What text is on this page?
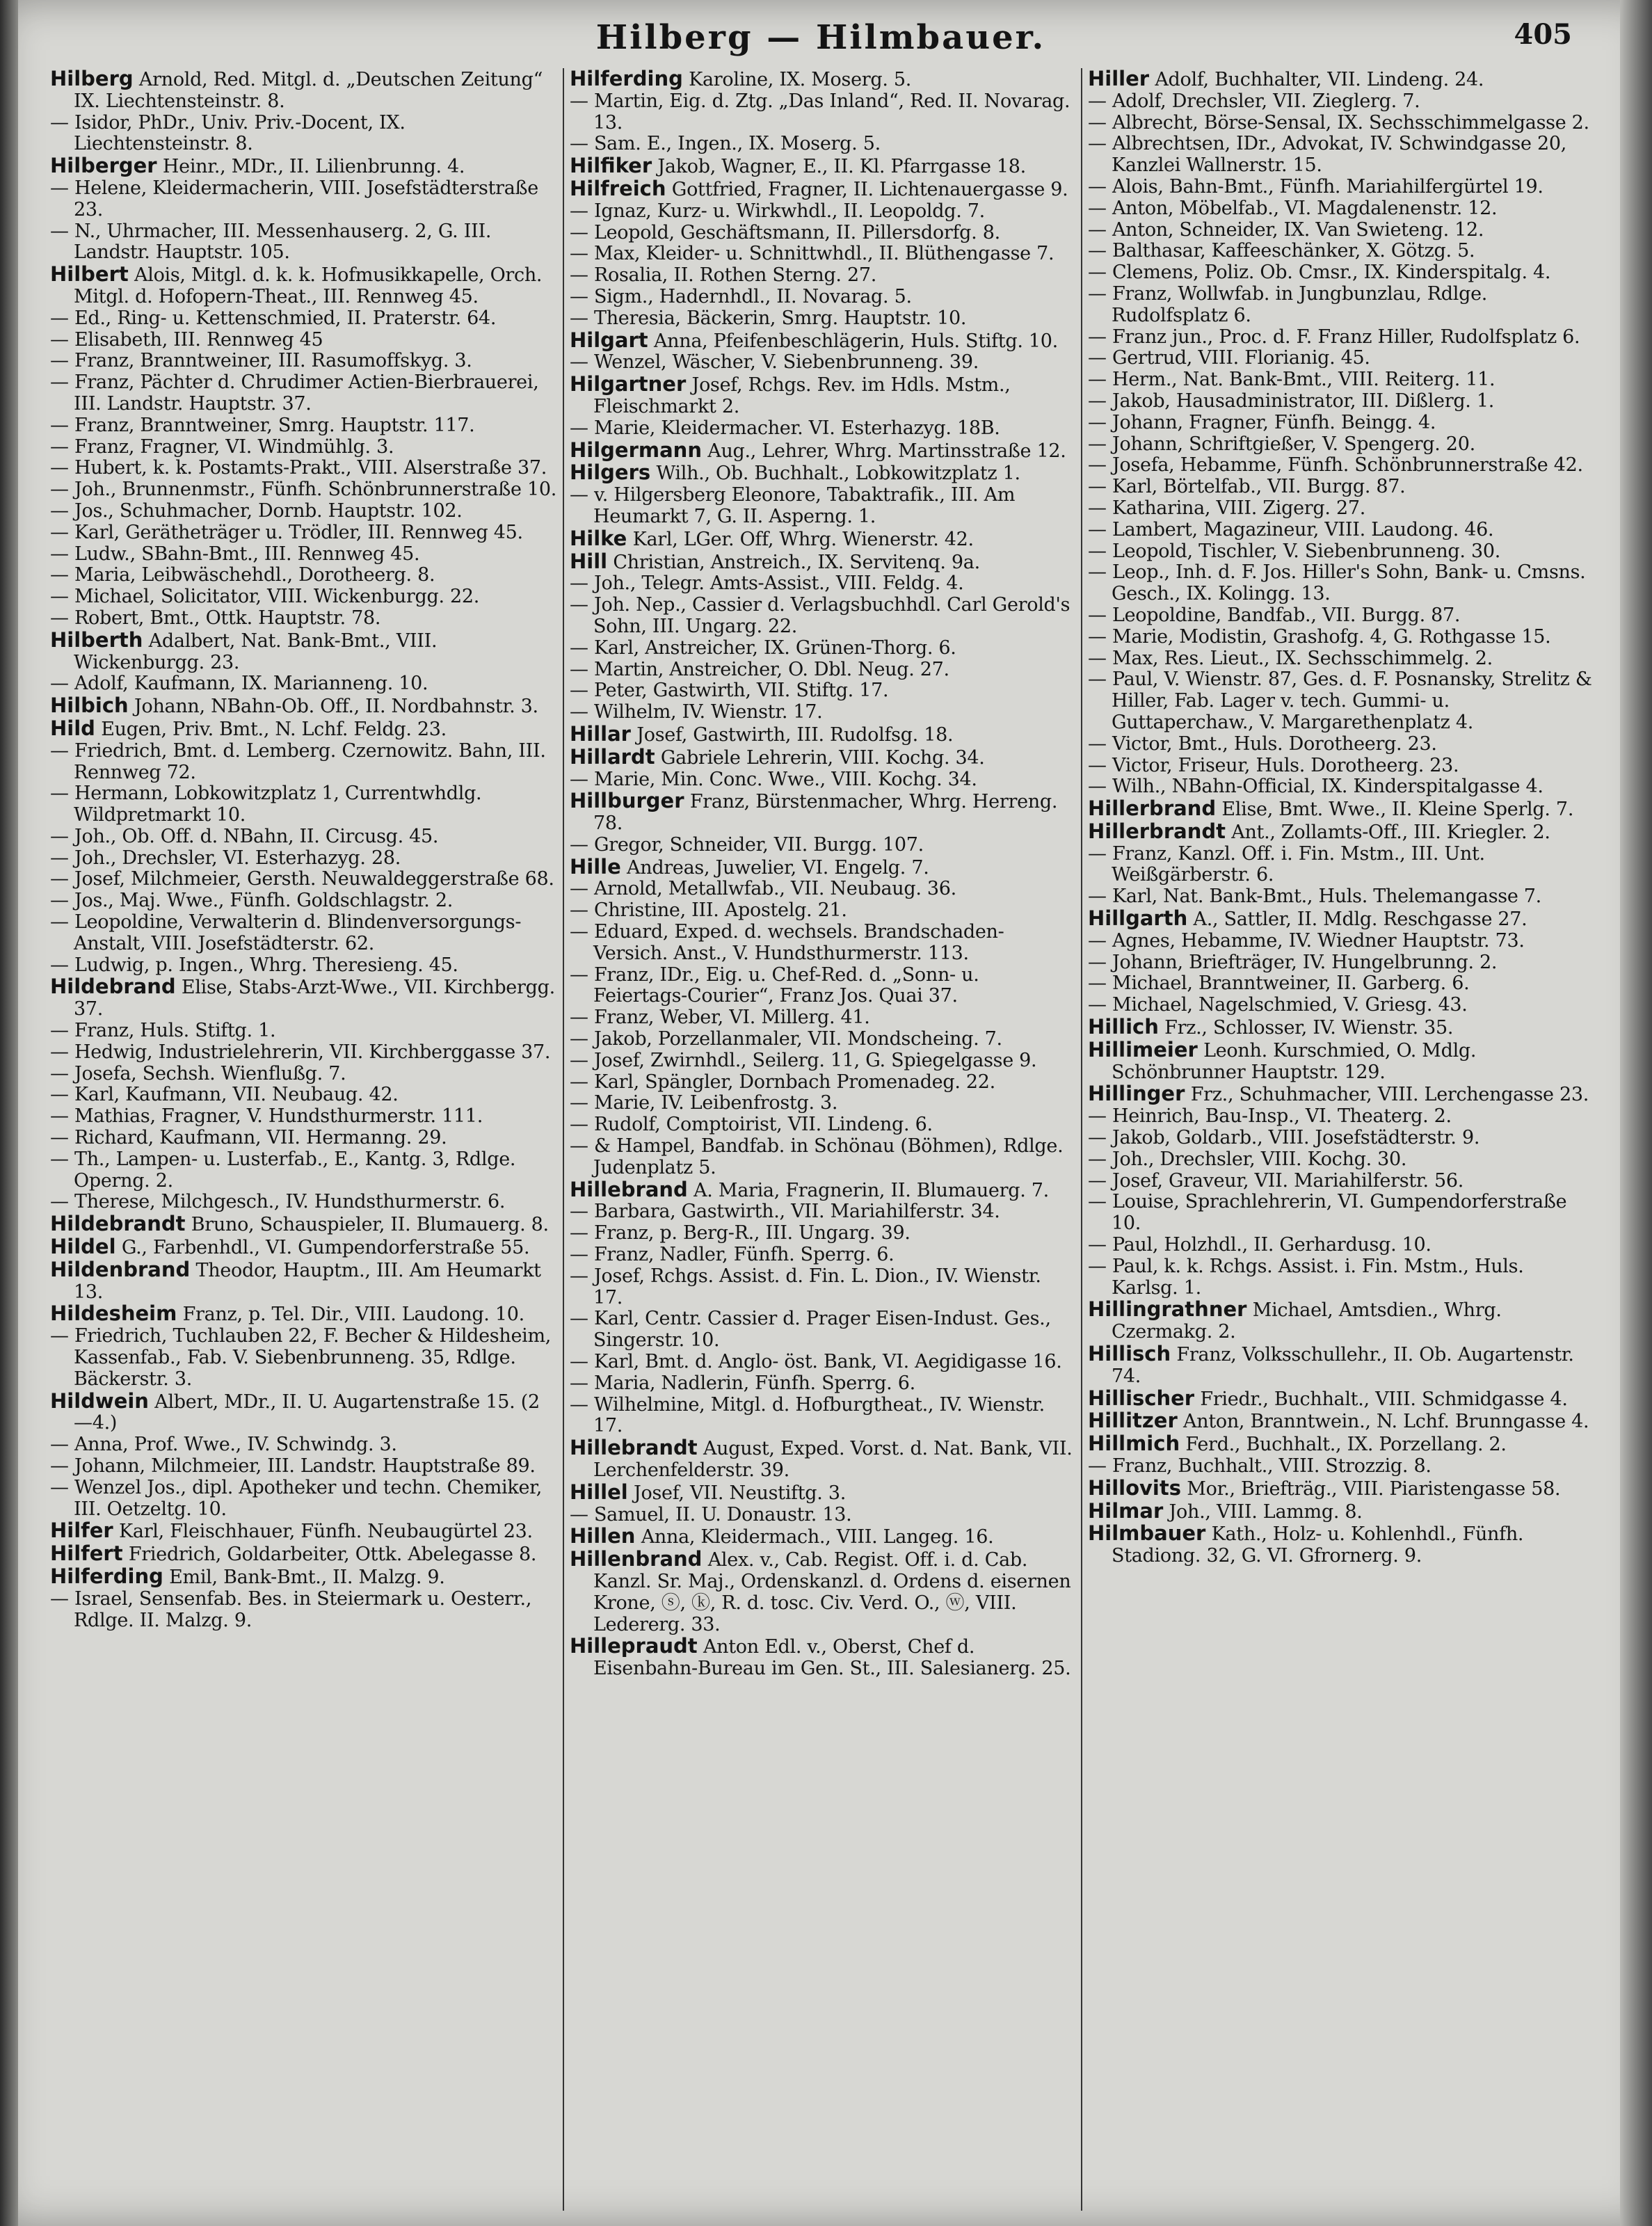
Hilberg — Hilmbauer.	405
Hilberg Arnold, Red. Mitgl. d. „Deutschen Zeitung“ IX. Liechtensteinstr. 8.
— Isidor, PhDr., Univ. Priv.-Docent, IX. Liechtensteinstr. 8.
Hilberger Heinr., MDr., II. Lilienbrunng. 4.
— Helene, Kleidermacherin, VIII. Josefstädterstraße 23.
— N., Uhrmacher, III. Messenhauserg. 2, G. III. Landstr. Hauptstr. 105.
Hilbert Alois, Mitgl. d. k. k. Hofmusikkapelle, Orch. Mitgl. d. Hofopern-Theat., III. Rennweg 45.
— Ed., Ring- u. Kettenschmied, II. Praterstr. 64.
— Elisabeth, III. Rennweg 45
— Franz, Branntweiner, III. Rasumoffskyg. 3.
— Franz, Pächter d. Chrudimer Actien-Bierbrauerei, III. Landstr. Hauptstr. 37.
— Franz, Branntweiner, Smrg. Hauptstr. 117.
— Franz, Fragner, VI. Windmühlg. 3.
— Hubert, k. k. Postamts-Prakt., VIII. Alserstraße 37.
— Joh., Brunnenmstr., Fünfh. Schönbrunnerstraße 10.
— Jos., Schuhmacher, Dornb. Hauptstr. 102.
— Karl, Gerätheträger u. Trödler, III. Rennweg 45.
— Ludw., SBahn-Bmt., III. Rennweg 45.
— Maria, Leibwäschehdl., Dorotheerg. 8.
— Michael, Solicitator, VIII. Wickenburgg. 22.
— Robert, Bmt., Ottk. Hauptstr. 78.
Hilberth Adalbert, Nat. Bank-Bmt., VIII. Wickenburgg. 23.
— Adolf, Kaufmann, IX. Marianneng. 10.
Hilbich Johann, NBahn-Ob. Off., II. Nordbahnstr. 3.
Hild Eugen, Priv. Bmt., N. Lchf. Feldg. 23.
— Friedrich, Bmt. d. Lemberg. Czernowitz. Bahn, III. Rennweg 72.
— Hermann, Lobkowitzplatz 1, Currentwhdlg. Wildpretmarkt 10.
— Joh., Ob. Off. d. NBahn, II. Circusg. 45.
— Joh., Drechsler, VI. Esterhazyg. 28.
— Josef, Milchmeier, Gersth. Neuwaldeggerstraße 68.
— Jos., Maj. Wwe., Fünfh. Goldschlagstr. 2.
— Leopoldine, Verwalterin d. Blindenversorgungs-Anstalt, VIII. Josefstädterstr. 62.
— Ludwig, p. Ingen., Whrg. Theresieng. 45.
Hildebrand Elise, Stabs-Arzt-Wwe., VII. Kirchbergg. 37.
— Franz, Huls. Stiftg. 1.
— Hedwig, Industrielehrerin, VII. Kirchberggasse 37.
— Josefa, Sechsh. Wienflußg. 7.
— Karl, Kaufmann, VII. Neubaug. 42.
— Mathias, Fragner, V. Hundsthurmerstr. 111.
— Richard, Kaufmann, VII. Hermanng. 29.
— Th., Lampen- u. Lusterfab., E., Kantg. 3, Rdlge. Operng. 2.
— Therese, Milchgesch., IV. Hundsthurmerstr. 6.
Hildebrandt Bruno, Schauspieler, II. Blumauerg. 8.
Hildel G., Farbenhdl., VI. Gumpendorferstraße 55.
Hildenbrand Theodor, Hauptm., III. Am Heumarkt 13.
Hildesheim Franz, p. Tel. Dir., VIII. Laudong. 10.
— Friedrich, Tuchlauben 22, F. Becher & Hildesheim, Kassenfab., Fab. V. Siebenbrunneng. 35, Rdlge. Bäckerstr. 3.
Hildwein Albert, MDr., II. U. Augartenstraße 15. (2—4.)
— Anna, Prof. Wwe., IV. Schwindg. 3.
— Johann, Milchmeier, III. Landstr. Hauptstraße 89.
— Wenzel Jos., dipl. Apotheker und techn. Chemiker, III. Oetzeltg. 10.
Hilfer Karl, Fleischhauer, Fünfh. Neubaugürtel 23.
Hilfert Friedrich, Goldarbeiter, Ottk. Abelegasse 8.
Hilferding Emil, Bank-Bmt., II. Malzg. 9.
— Israel, Sensenfab. Bes. in Steiermark u. Oesterr., Rdlge. II. Malzg. 9.
Hilferding Karoline, IX. Moserg. 5.
— Martin, Eig. d. Ztg. „Das Inland“, Red. II. Novarag. 13.
— Sam. E., Ingen., IX. Moserg. 5.
Hilfiker Jakob, Wagner, E., II. Kl. Pfarrgasse 18.
Hilfreich Gottfried, Fragner, II. Lichtenauergasse 9.
— Ignaz, Kurz- u. Wirkwhdl., II. Leopoldg. 7.
— Leopold, Geschäftsmann, II. Pillersdorfg. 8.
— Max, Kleider- u. Schnittwhdl., II. Blüthengasse 7.
— Rosalia, II. Rothen Sterng. 27.
— Sigm., Hadernhdl., II. Novarag. 5.
— Theresia, Bäckerin, Smrg. Hauptstr. 10.
Hilgart Anna, Pfeifenbeschlägerin, Huls. Stiftg. 10.
— Wenzel, Wäscher, V. Siebenbrunneng. 39.
Hilgartner Josef, Rchgs. Rev. im Hdls. Mstm., Fleischmarkt 2.
— Marie, Kleidermacher. VI. Esterhazyg. 18B.
Hilgermann Aug., Lehrer, Whrg. Martinsstraße 12.
Hilgers Wilh., Ob. Buchhalt., Lobkowitzplatz 1.
— v. Hilgersberg Eleonore, Tabaktrafik., III. Am Heumarkt 7, G. II. Asperng. 1.
Hilke Karl, LGer. Off, Whrg. Wienerstr. 42.
Hill Christian, Anstreich., IX. Servitenq. 9a.
— Joh., Telegr. Amts-Assist., VIII. Feldg. 4.
— Joh. Nep., Cassier d. Verlagsbuchhdl. Carl Gerold's Sohn, III. Ungarg. 22.
— Karl, Anstreicher, IX. Grünen-Thorg. 6.
— Martin, Anstreicher, O. Dbl. Neug. 27.
— Peter, Gastwirth, VII. Stiftg. 17.
— Wilhelm, IV. Wienstr. 17.
Hillar Josef, Gastwirth, III. Rudolfsg. 18.
Hillardt Gabriele Lehrerin, VIII. Kochg. 34.
— Marie, Min. Conc. Wwe., VIII. Kochg. 34.
Hillburger Franz, Bürstenmacher, Whrg. Herreng. 78.
— Gregor, Schneider, VII. Burgg. 107.
Hille Andreas, Juwelier, VI. Engelg. 7.
— Arnold, Metallwfab., VII. Neubaug. 36.
— Christine, III. Apostelg. 21.
— Eduard, Exped. d. wechsels. Brandschaden-Versich. Anst., V. Hundsthurmerstr. 113.
— Franz, IDr., Eig. u. Chef-Red. d. „Sonn- u. Feiertags-Courier“, Franz Jos. Quai 37.
— Franz, Weber, VI. Millerg. 41.
— Jakob, Porzellanmaler, VII. Mondscheing. 7.
— Josef, Zwirnhdl., Seilerg. 11, G. Spiegelgasse 9.
— Karl, Spängler, Dornbach Promenadeg. 22.
— Marie, IV. Leibenfrostg. 3.
— Rudolf, Comptoirist, VII. Lindeng. 6.
— & Hampel, Bandfab. in Schönau (Böhmen), Rdlge. Judenplatz 5.
Hillebrand A. Maria, Fragnerin, II. Blumauerg. 7.
— Barbara, Gastwirth., VII. Mariahilferstr. 34.
— Franz, p. Berg-R., III. Ungarg. 39.
— Franz, Nadler, Fünfh. Sperrg. 6.
— Josef, Rchgs. Assist. d. Fin. L. Dion., IV. Wienstr. 17.
— Karl, Centr. Cassier d. Prager Eisen-Indust. Ges., Singerstr. 10.
— Karl, Bmt. d. Anglo- öst. Bank, VI. Aegidigasse 16.
— Maria, Nadlerin, Fünfh. Sperrg. 6.
— Wilhelmine, Mitgl. d. Hofburgtheat., IV. Wienstr. 17.
Hillebrandt August, Exped. Vorst. d. Nat. Bank, VII. Lerchenfelderstr. 39.
Hillel Josef, VII. Neustiftg. 3.
— Samuel, II. U. Donaustr. 13.
Hillen Anna, Kleidermach., VIII. Langeg. 16.
Hillenbrand Alex. v., Cab. Regist. Off. i. d. Cab. Kanzl. Sr. Maj., Ordenskanzl. d. Ordens d. eisernen Krone, ⓢ, ⓚ, R. d. tosc. Civ. Verd. O., ⓦ, VIII. Ledererg. 33.
Hillepraudt Anton Edl. v., Oberst, Chef d. Eisenbahn-Bureau im Gen. St., III. Salesianerg. 25.
Hiller Adolf, Buchhalter, VII. Lindeng. 24.
— Adolf, Drechsler, VII. Zieglerg. 7.
— Albrecht, Börse-Sensal, IX. Sechsschimmelgasse 2.
— Albrechtsen, IDr., Advokat, IV. Schwindgasse 20, Kanzlei Wallnerstr. 15.
— Alois, Bahn-Bmt., Fünfh. Mariahilfergürtel 19.
— Anton, Möbelfab., VI. Magdalenenstr. 12.
— Anton, Schneider, IX. Van Swieteng. 12.
— Balthasar, Kaffeeschänker, X. Götzg. 5.
— Clemens, Poliz. Ob. Cmsr., IX. Kinderspitalg. 4.
— Franz, Wollwfab. in Jungbunzlau, Rdlge. Rudolfsplatz 6.
— Franz jun., Proc. d. F. Franz Hiller, Rudolfsplatz 6.
— Gertrud, VIII. Florianig. 45.
— Herm., Nat. Bank-Bmt., VIII. Reiterg. 11.
— Jakob, Hausadministrator, III. Dißlerg. 1.
— Johann, Fragner, Fünfh. Beingg. 4.
— Johann, Schriftgießer, V. Spengerg. 20.
— Josefa, Hebamme, Fünfh. Schönbrunnerstraße 42.
— Karl, Börtelfab., VII. Burgg. 87.
— Katharina, VIII. Zigerg. 27.
— Lambert, Magazineur, VIII. Laudong. 46.
— Leopold, Tischler, V. Siebenbrunneng. 30.
— Leop., Inh. d. F. Jos. Hiller's Sohn, Bank- u. Cmsns. Gesch., IX. Kolingg. 13.
— Leopoldine, Bandfab., VII. Burgg. 87.
— Marie, Modistin, Grashofg. 4, G. Rothgasse 15.
— Max, Res. Lieut., IX. Sechsschimmelg. 2.
— Paul, V. Wienstr. 87, Ges. d. F. Posnansky, Strelitz & Hiller, Fab. Lager v. tech. Gummi- u. Guttaperchaw., V. Margarethenplatz 4.
— Victor, Bmt., Huls. Dorotheerg. 23.
— Victor, Friseur, Huls. Dorotheerg. 23.
— Wilh., NBahn-Official, IX. Kinderspitalgasse 4.
Hillerbrand Elise, Bmt. Wwe., II. Kleine Sperlg. 7.
Hillerbrandt Ant., Zollamts-Off., III. Kriegler. 2.
— Franz, Kanzl. Off. i. Fin. Mstm., III. Unt. Weißgärberstr. 6.
— Karl, Nat. Bank-Bmt., Huls. Thelemangasse 7.
Hillgarth A., Sattler, II. Mdlg. Reschgasse 27.
— Agnes, Hebamme, IV. Wiedner Hauptstr. 73.
— Johann, Briefträger, IV. Hungelbrunng. 2.
— Michael, Branntweiner, II. Garberg. 6.
— Michael, Nagelschmied, V. Griesg. 43.
Hillich Frz., Schlosser, IV. Wienstr. 35.
Hillimeier Leonh. Kurschmied, O. Mdlg. Schönbrunner Hauptstr. 129.
Hillinger Frz., Schuhmacher, VIII. Lerchengasse 23.
— Heinrich, Bau-Insp., VI. Theaterg. 2.
— Jakob, Goldarb., VIII. Josefstädterstr. 9.
— Joh., Drechsler, VIII. Kochg. 30.
— Josef, Graveur, VII. Mariahilferstr. 56.
— Louise, Sprachlehrerin, VI. Gumpendorferstraße 10.
— Paul, Holzhdl., II. Gerhardusg. 10.
— Paul, k. k. Rchgs. Assist. i. Fin. Mstm., Huls. Karlsg. 1.
Hillingrathner Michael, Amtsdien., Whrg. Czermakg. 2.
Hillisch Franz, Volksschullehr., II. Ob. Augartenstr. 74.
Hillischer Friedr., Buchhalt., VIII. Schmidgasse 4.
Hillitzer Anton, Branntwein., N. Lchf. Brunngasse 4.
Hillmich Ferd., Buchhalt., IX. Porzellang. 2.
— Franz, Buchhalt., VIII. Strozzig. 8.
Hillovits Mor., Briefträg., VIII. Piaristengasse 58.
Hilmar Joh., VIII. Lammg. 8.
Hilmbauer Kath., Holz- u. Kohlenhdl., Fünfh. Stadiong. 32, G. VI. Gfrornerg. 9.
